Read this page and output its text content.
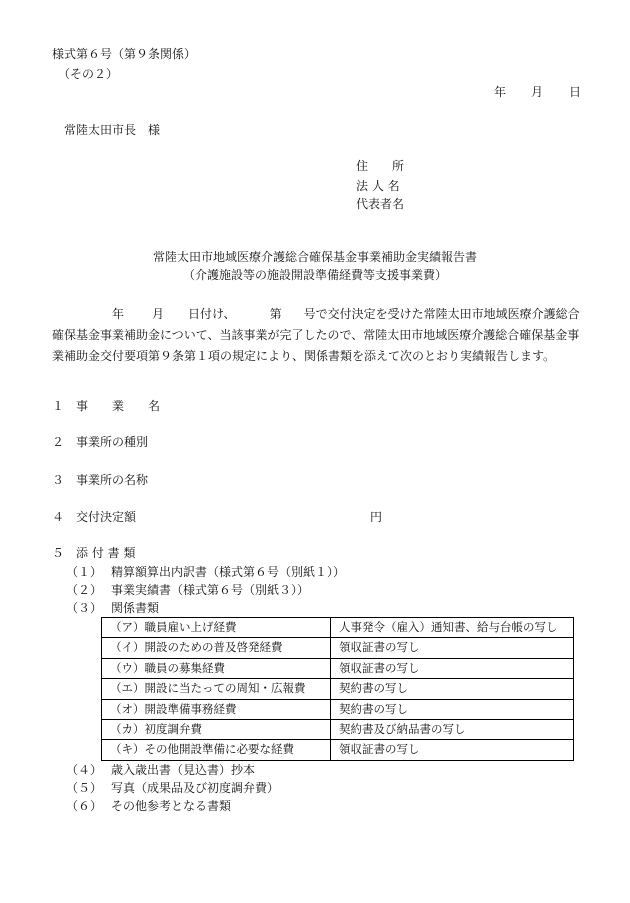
様式第６号（第９条関係）
（その２）
年 月 日
常陸太田市長　様
住　　所
法 人 名
代表者名
常陸太田市地域医療介護総合確保基金事業補助金実績報告書
（介護施設等の施設開設準備経費等支援事業費）
年 月 日付け、	第 号で交付決定を受けた常陸太田市地域医療介護総合
確保基金事業補助金について、当該事業が完了したので、常陸太田市地域医療介護総合確保基金事
業補助金交付要項第９条第１項の規定により、関係書類を添えて次のとおり実績報告します。
１ 事　　業　　名
２ 事業所の種別
３ 事業所の名称
４ 交付決定額	円
５ 添 付 書 類
（１） 精算額算出内訳書（様式第６号（別紙１））
（２） 事業実績書（様式第６号（別紙３））
（３） 関係書類
（ア）職員雇い上げ経費	人事発令（雇入）通知書、給与台帳の写し
（イ）開設のための普及啓発経費	領収証書の写し
（ウ）職員の募集経費	領収証書の写し
（エ）開設に当たっての周知・広報費	契約書の写し
（オ）開設準備事務経費	契約書の写し
（カ）初度調弁費	契約書及び納品書の写し
（キ）その他開設準備に必要な経費	領収証書の写し
（４） 歳入歳出書（見込書）抄本
（５） 写真（成果品及び初度調弁費）
（６） その他参考となる書類
